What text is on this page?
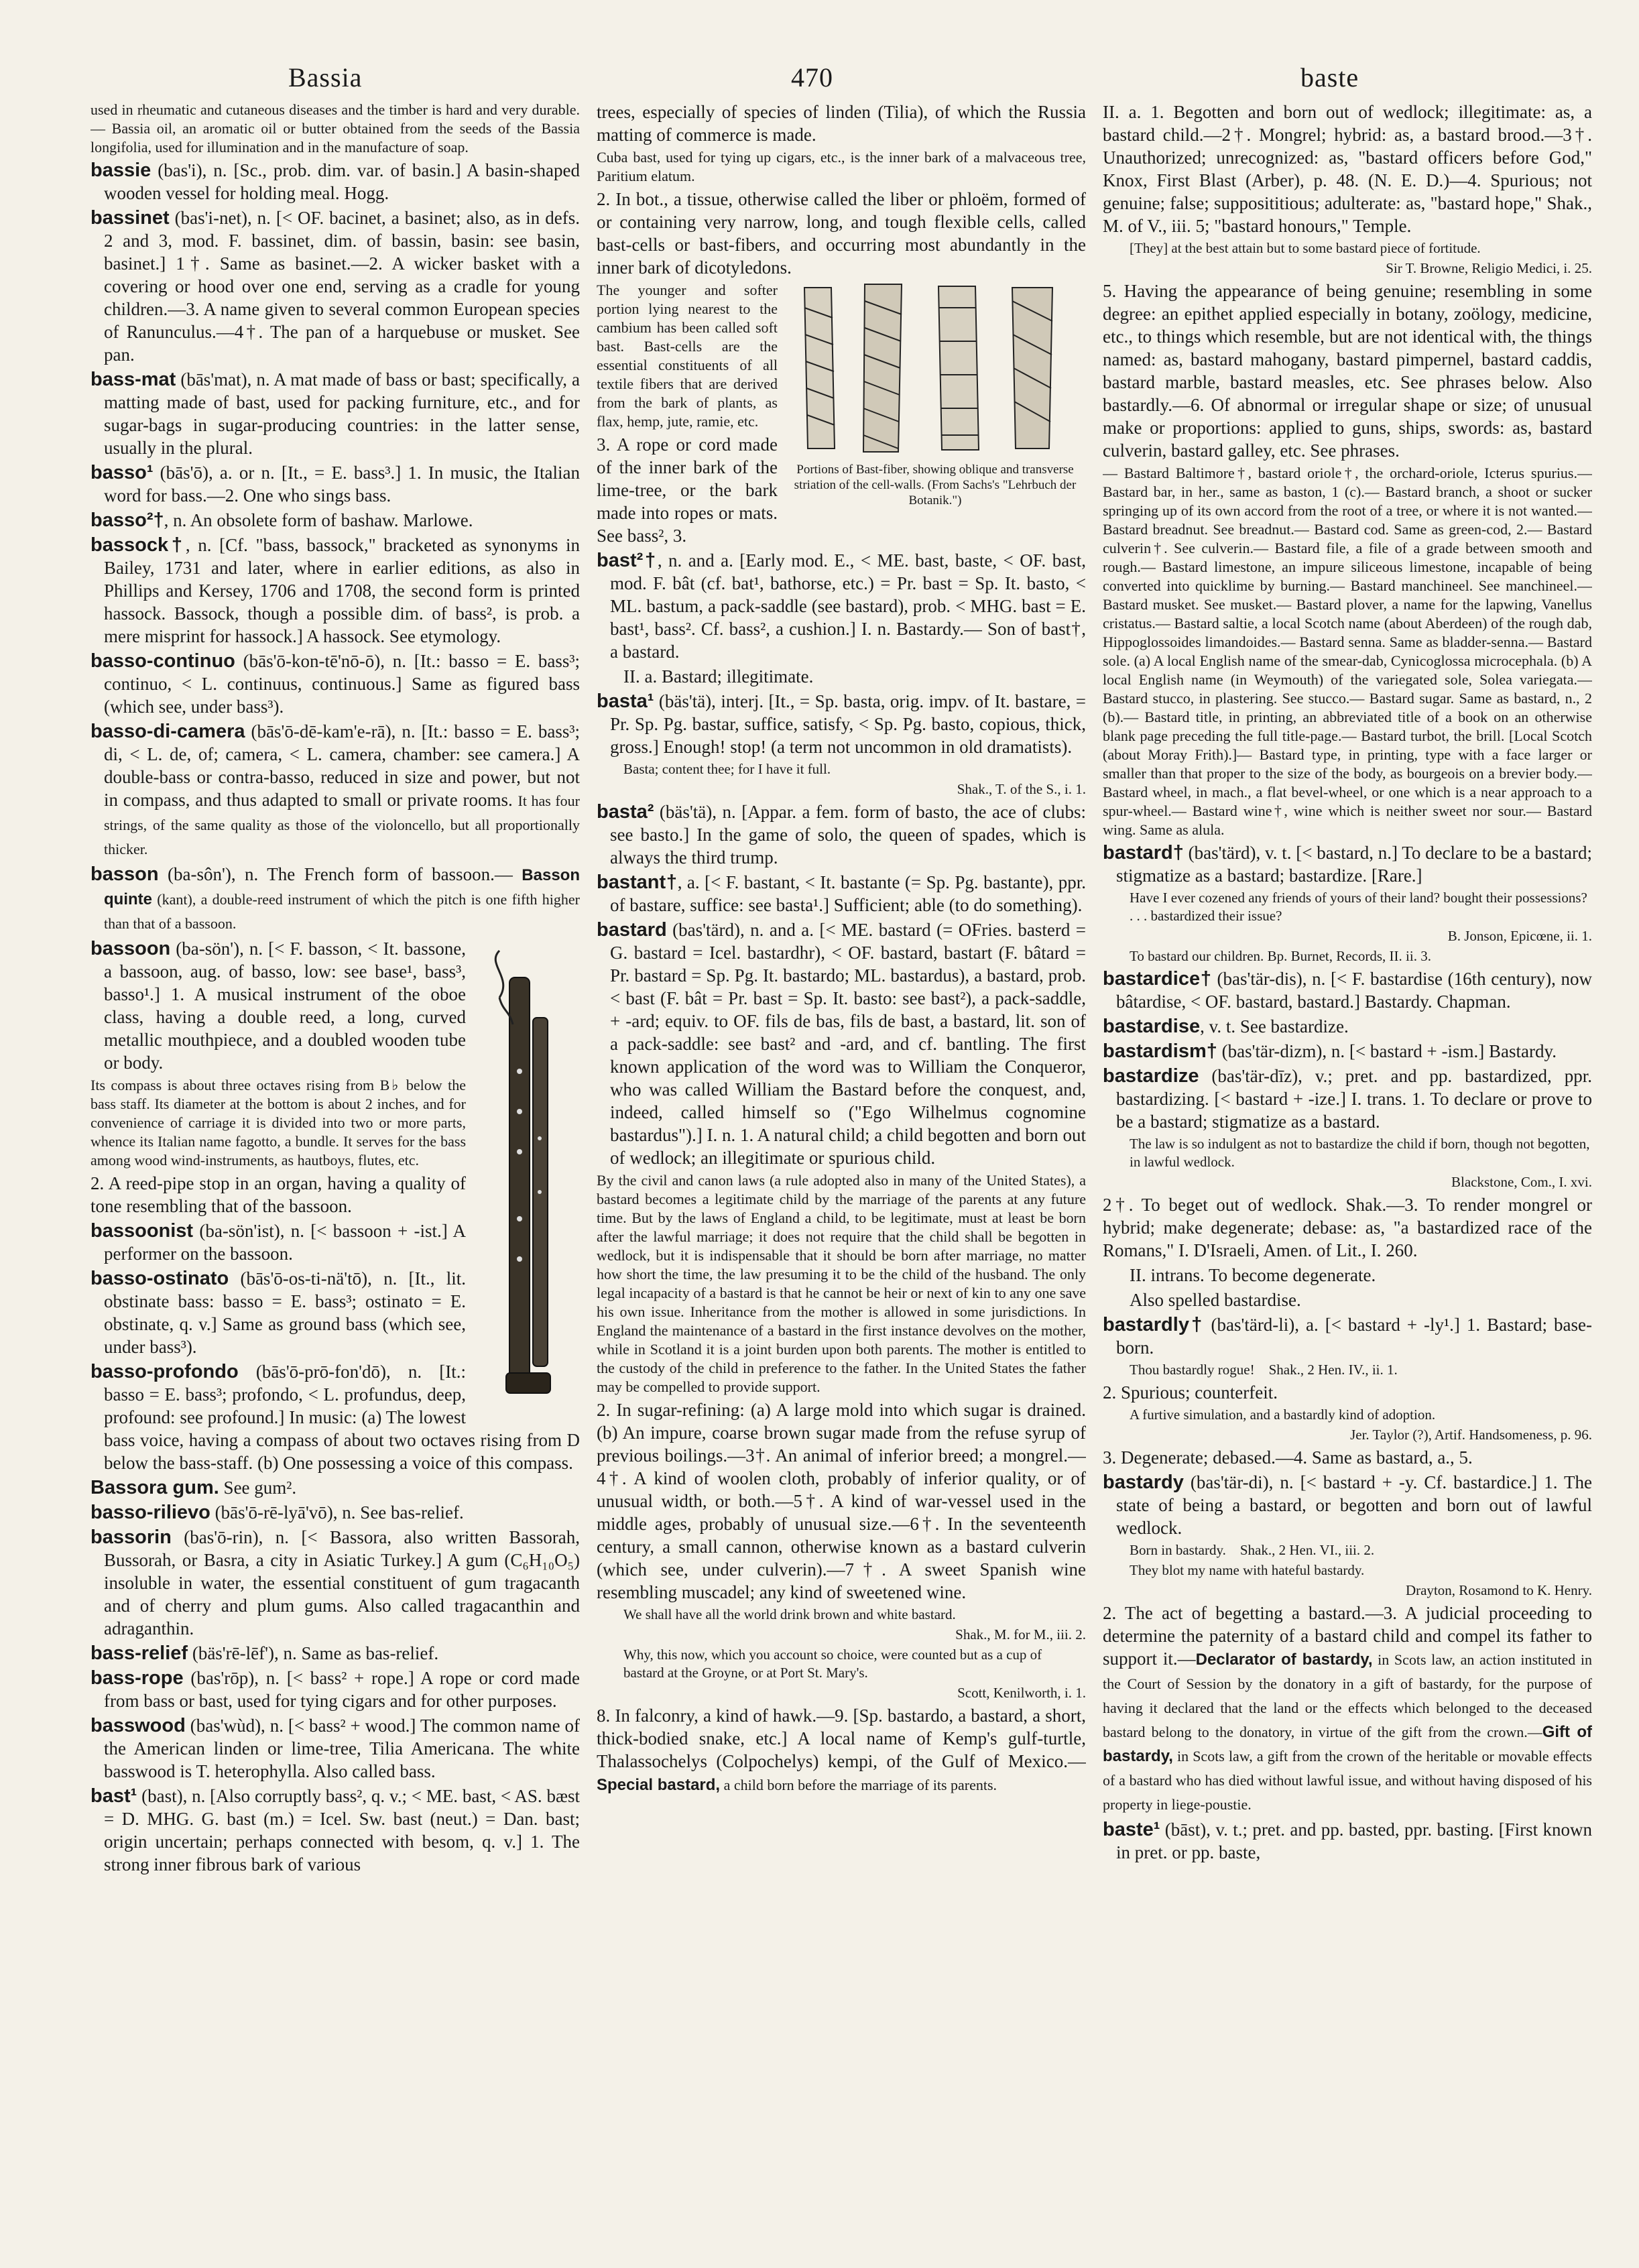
Bassia	470	baste

used in rheumatic and cutaneous diseases and the timber is hard and very durable.— Bassia oil, an aromatic oil or butter obtained from the seeds of the Bassia longifolia, used for illumination and in the manufacture of soap.

bassie (bas'i), n. [Sc., prob. dim. var. of basin.] A basin-shaped wooden vessel for holding meal. Hogg.

bassinet (bas'i-net), n. [< OF. bacinet, a basinet; also, as in defs. 2 and 3, mod. F. bassinet, dim. of bassin, basin: see basin, basinet.] 1†. Same as basinet.—2. A wicker basket with a covering or hood over one end, serving as a cradle for young children.—3. A name given to several common European species of Ranunculus.—4†. The pan of a harquebuse or musket. See pan.

bass-mat (bās'mat), n. A mat made of bass or bast; specifically, a matting made of bast, used for packing furniture, etc., and for sugar-bags in sugar-producing countries: in the latter sense, usually in the plural.

basso¹ (bās'ō), a. or n. [It., = E. bass³.] 1. In music, the Italian word for bass.—2. One who sings bass.

basso²†, n. An obsolete form of bashaw. Marlowe.

bassock†, n. [Cf. "bass, bassock," bracketed as synonyms in Bailey, 1731 and later, where in earlier editions, as also in Phillips and Kersey, 1706 and 1708, the second form is printed hassock. Bassock, though a possible dim. of bass², is prob. a mere misprint for hassock.] A hassock. See etymology.

basso-continuo (bās'ō-kon-tē'nō-ō), n. [It.: basso = E. bass³; continuo, < L. continuus, continuous.] Same as figured bass (which see, under bass³).

basso-di-camera (bās'ō-dē-kam'e-rā), n. [It.: basso = E. bass³; di, < L. de, of; camera, < L. camera, chamber: see camera.] A double-bass or contra-basso, reduced in size and power, but not in compass, and thus adapted to small or private rooms. It has four strings, of the same quality as those of the violoncello, but all proportionally thicker.

basson (ba-sôn'), n. The French form of bassoon.— Basson quinte (kant), a double-reed instrument of which the pitch is one fifth higher than that of a bassoon.

bassoon (ba-sön'), n. [< F. basson, < It. bassone, a bassoon, aug. of basso, low: see base¹, bass³, basso¹.] 1. A musical instrument of the oboe class, having a double reed, a long, curved metallic mouthpiece, and a doubled wooden tube or body.

Its compass is about three octaves rising from B♭ below the bass staff. Its diameter at the bottom is about 2 inches, and for convenience of carriage it is divided into two or more parts, whence its Italian name fagotto, a bundle. It serves for the bass among wood wind-instruments, as hautboys, flutes, etc.

2. A reed-pipe stop in an organ, having a quality of tone resembling that of the bassoon.

bassoonist (ba-sön'ist), n. [< bassoon + -ist.] A performer on the bassoon.

basso-ostinato (bās'ō-os-ti-nä'tō), n. [It., lit. obstinate bass: basso = E. bass³; ostinato = E. obstinate, q. v.] Same as ground bass (which see, under bass³).

basso-profondo (bās'ō-prō-fon'dō), n. [It.: basso = E. bass³; profondo, < L. profundus, deep, profound: see profound.] In music: (a) The lowest bass voice, having a compass of about two octaves rising from D below the bass-staff. (b) One possessing a voice of this compass.

Bassora gum. See gum².

basso-rilievo (bās'ō-rē-lyā'vō), n. See bas-relief.

bassorin (bas'ō-rin), n. [< Bassora, also written Bassorah, Bussorah, or Basra, a city in Asiatic Turkey.] A gum (C₆H₁₀O₅) insoluble in water, the essential constituent of gum tragacanth and of cherry and plum gums. Also called tragacanthin and adraganthin.

bass-relief (bäs'rē-lēf'), n. Same as bas-relief.

bass-rope (bas'rōp), n. [< bass² + rope.] A rope or cord made from bass or bast, used for tying cigars and for other purposes.

basswood (bas'wùd), n. [< bass² + wood.] The common name of the American linden or lime-tree, Tilia Americana. The white basswood is T. heterophylla. Also called bass.

bast¹ (bast), n. [Also corruptly bass², q. v.; < ME. bast, < AS. bæst = D. MHG. G. bast (m.) = Icel. Sw. bast (neut.) = Dan. bast; origin uncertain; perhaps connected with besom, q. v.] 1. The strong inner fibrous bark of various

trees, especially of species of linden (Tilia), of which the Russia matting of commerce is made.

Cuba bast, used for tying up cigars, etc., is the inner bark of a malvaceous tree, Paritium elatum.

2. In bot., a tissue, otherwise called the liber or phloëm, formed of or containing very narrow, long, and tough flexible cells, called bast-cells or bast-fibers, and occurring most abundantly in the inner bark of dicotyledons.

Portions of Bast-fiber, showing oblique and transverse striation of the cell-walls. (From Sachs's "Lehrbuch der Botanik.")

The younger and softer portion lying nearest to the cambium has been called soft bast. Bast-cells are the essential constituents of all textile fibers that are derived from the bark of plants, as flax, hemp, jute, ramie, etc.

3. A rope or cord made of the inner bark of the lime-tree, or the bark made into ropes or mats. See bass², 3.

bast²†, n. and a. [Early mod. E., < ME. bast, baste, < OF. bast, mod. F. bât (cf. bat¹, bathorse, etc.) = Pr. bast = Sp. It. basto, < ML. bastum, a pack-saddle (see bastard), prob. < MHG. bast = E. bast¹, bass². Cf. bass², a cushion.] I. n. Bastardy.— Son of bast†, a bastard.

II. a. Bastard; illegitimate.

basta¹ (bäs'tä), interj. [It., = Sp. basta, orig. impv. of It. bastare, = Pr. Sp. Pg. bastar, suffice, satisfy, < Sp. Pg. basto, copious, thick, gross.] Enough! stop! (a term not uncommon in old dramatists).

Basta; content thee; for I have it full.

Shak., T. of the S., i. 1.

basta² (bäs'tä), n. [Appar. a fem. form of basto, the ace of clubs: see basto.] In the game of solo, the queen of spades, which is always the third trump.

bastant†, a. [< F. bastant, < It. bastante (= Sp. Pg. bastante), ppr. of bastare, suffice: see basta¹.] Sufficient; able (to do something).

bastard (bas'tärd), n. and a. [< ME. bastard (= OFries. basterd = G. bastard = Icel. bastardhr), < OF. bastard, bastart (F. bâtard = Pr. bastard = Sp. Pg. It. bastardo; ML. bastardus), a bastard, prob. < bast (F. bât = Pr. bast = Sp. It. basto: see bast²), a pack-saddle, + -ard; equiv. to OF. fils de bas, fils de bast, a bastard, lit. son of a pack-saddle: see bast² and -ard, and cf. bantling. The first known application of the word was to William the Conqueror, who was called William the Bastard before the conquest, and, indeed, called himself so ("Ego Wilhelmus cognomine bastardus").] I. n. 1. A natural child; a child begotten and born out of wedlock; an illegitimate or spurious child.

By the civil and canon laws (a rule adopted also in many of the United States), a bastard becomes a legitimate child by the marriage of the parents at any future time. But by the laws of England a child, to be legitimate, must at least be born after the lawful marriage; it does not require that the child shall be begotten in wedlock, but it is indispensable that it should be born after marriage, no matter how short the time, the law presuming it to be the child of the husband. The only legal incapacity of a bastard is that he cannot be heir or next of kin to any one save his own issue. Inheritance from the mother is allowed in some jurisdictions. In England the maintenance of a bastard in the first instance devolves on the mother, while in Scotland it is a joint burden upon both parents. The mother is entitled to the custody of the child in preference to the father. In the United States the father may be compelled to provide support.

2. In sugar-refining: (a) A large mold into which sugar is drained. (b) An impure, coarse brown sugar made from the refuse syrup of previous boilings.—3†. An animal of inferior breed; a mongrel.—4†. A kind of woolen cloth, probably of inferior quality, or of unusual width, or both.—5†. A kind of war-vessel used in the middle ages, probably of unusual size.—6†. In the seventeenth century, a small cannon, otherwise known as a bastard culverin (which see, under culverin).—7†. A sweet Spanish wine resembling muscadel; any kind of sweetened wine.

We shall have all the world drink brown and white bastard.

Shak., M. for M., iii. 2.

Why, this now, which you account so choice, were counted but as a cup of bastard at the Groyne, or at Port St. Mary's.

Scott, Kenilworth, i. 1.

8. In falconry, a kind of hawk.—9. [Sp. bastardo, a bastard, a short, thick-bodied snake, etc.] A local name of Kemp's gulf-turtle, Thalassochelys (Colpochelys) kempi, of the Gulf of Mexico.—Special bastard, a child born before the marriage of its parents.

II. a. 1. Begotten and born out of wedlock; illegitimate: as, a bastard child.—2†. Mongrel; hybrid: as, a bastard brood.—3†. Unauthorized; unrecognized: as, "bastard officers before God," Knox, First Blast (Arber), p. 48. (N. E. D.)—4. Spurious; not genuine; false; supposititious; adulterate: as, "bastard hope," Shak., M. of V., iii. 5; "bastard honours," Temple.

[They] at the best attain but to some bastard piece of fortitude.

Sir T. Browne, Religio Medici, i. 25.

5. Having the appearance of being genuine; resembling in some degree: an epithet applied especially in botany, zoölogy, medicine, etc., to things which resemble, but are not identical with, the things named: as, bastard mahogany, bastard pimpernel, bastard caddis, bastard marble, bastard measles, etc. See phrases below. Also bastardly.—6. Of abnormal or irregular shape or size; of unusual make or proportions: applied to guns, ships, swords: as, bastard culverin, bastard galley, etc. See phrases.

— Bastard Baltimore†, bastard oriole†, the orchard-oriole, Icterus spurius.— Bastard bar, in her., same as baston, 1 (c).— Bastard branch, a shoot or sucker springing up of its own accord from the root of a tree, or where it is not wanted.— Bastard breadnut. See breadnut.— Bastard cod. Same as green-cod, 2.— Bastard culverin†. See culverin.— Bastard file, a file of a grade between smooth and rough.— Bastard limestone, an impure siliceous limestone, incapable of being converted into quicklime by burning.— Bastard manchineel. See manchineel.— Bastard musket. See musket.— Bastard plover, a name for the lapwing, Vanellus cristatus.— Bastard saltie, a local Scotch name (about Aberdeen) of the rough dab, Hippoglossoides limandoides.— Bastard senna. Same as bladder-senna.— Bastard sole. (a) A local English name of the smear-dab, Cynicoglossa microcephala. (b) A local English name (in Weymouth) of the variegated sole, Solea variegata.— Bastard stucco, in plastering. See stucco.— Bastard sugar. Same as bastard, n., 2 (b).— Bastard title, in printing, an abbreviated title of a book on an otherwise blank page preceding the full title-page.— Bastard turbot, the brill. [Local Scotch (about Moray Frith).]— Bastard type, in printing, type with a face larger or smaller than that proper to the size of the body, as bourgeois on a brevier body.— Bastard wheel, in mach., a flat bevel-wheel, or one which is a near approach to a spur-wheel.— Bastard wine†, wine which is neither sweet nor sour.— Bastard wing. Same as alula.

bastard† (bas'tärd), v. t. [< bastard, n.] To declare to be a bastard; stigmatize as a bastard; bastardize. [Rare.]

Have I ever cozened any friends of yours of their land? bought their possessions? . . . bastardized their issue?

B. Jonson, Epicœne, ii. 1.

To bastard our children. Bp. Burnet, Records, II. ii. 3.

bastardice† (bas'tär-dis), n. [< F. bastardise (16th century), now bâtardise, < OF. bastard, bastard.] Bastardy. Chapman.

bastardise, v. t. See bastardize.

bastardism† (bas'tär-dizm), n. [< bastard + -ism.] Bastardy.

bastardize (bas'tär-dīz), v.; pret. and pp. bastardized, ppr. bastardizing. [< bastard + -ize.] I. trans. 1. To declare or prove to be a bastard; stigmatize as a bastard.

The law is so indulgent as not to bastardize the child if born, though not begotten, in lawful wedlock.

Blackstone, Com., I. xvi.

2†. To beget out of wedlock. Shak.—3. To render mongrel or hybrid; make degenerate; debase: as, "a bastardized race of the Romans," I. D'Israeli, Amen. of Lit., I. 260.

II. intrans. To become degenerate.

Also spelled bastardise.

bastardly† (bas'tärd-li), a. [< bastard + -ly¹.] 1. Bastard; base-born.

Thou bastardly rogue! Shak., 2 Hen. IV., ii. 1.

2. Spurious; counterfeit.

A furtive simulation, and a bastardly kind of adoption.

Jer. Taylor (?), Artif. Handsomeness, p. 96.

3. Degenerate; debased.—4. Same as bastard, a., 5.

bastardy (bas'tär-di), n. [< bastard + -y. Cf. bastardice.] 1. The state of being a bastard, or begotten and born out of lawful wedlock.

Born in bastardy. Shak., 2 Hen. VI., iii. 2.

They blot my name with hateful bastardy.

Drayton, Rosamond to K. Henry.

2. The act of begetting a bastard.—3. A judicial proceeding to determine the paternity of a bastard child and compel its father to support it.—Declarator of bastardy, in Scots law, an action instituted in the Court of Session by the donatory in a gift of bastardy, for the purpose of having it declared that the land or the effects which belonged to the deceased bastard belong to the donatory, in virtue of the gift from the crown.—Gift of bastardy, in Scots law, a gift from the crown of the heritable or movable effects of a bastard who has died without lawful issue, and without having disposed of his property in liege-poustie.

baste¹ (bāst), v. t.; pret. and pp. basted, ppr. basting. [First known in pret. or pp. baste,
